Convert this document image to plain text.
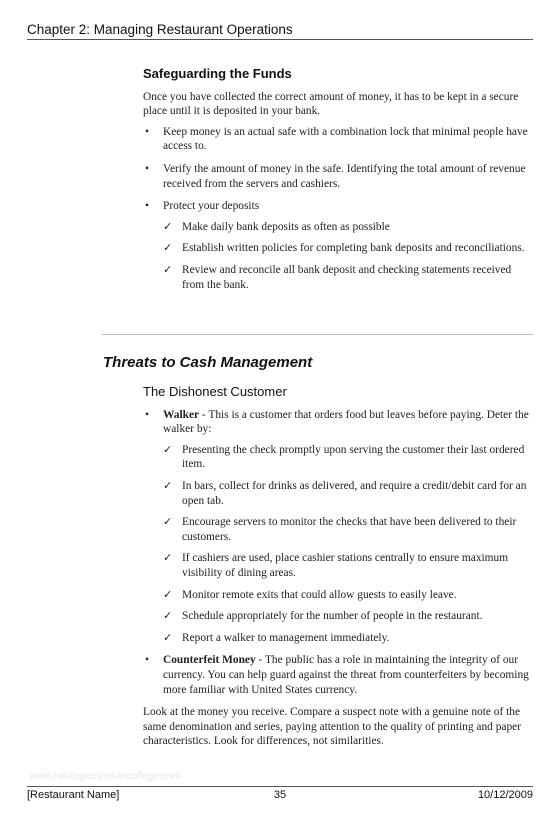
Chapter 2: Managing Restaurant Operations
Safeguarding the Funds

Once you have collected the correct amount of money, it has to be kept in a secure place until it is deposited in your bank.

• Keep money is an actual safe with a combination lock that minimal people have access to.
• Verify the amount of money in the safe. Identifying the total amount of revenue received from the servers and cashiers.
• Protect your deposits
✓ Make daily bank deposits as often as possible
✓ Establish written policies for completing bank deposits and reconciliations.
✓ Review and reconcile all bank deposit and checking statements received from the bank.
Threats to Cash Management
The Dishonest Customer
• Walker - This is a customer that orders food but leaves before paying. Deter the walker by:
✓ Presenting the check promptly upon serving the customer their last ordered item.
✓ In bars, collect for drinks as delivered, and require a credit/debit card for an open tab.
✓ Encourage servers to monitor the checks that have been delivered to their customers.
✓ If cashiers are used, place cashier stations centrally to ensure maximum visibility of dining areas.
✓ Monitor remote exits that could allow guests to easily leave.
✓ Schedule appropriately for the number of people in the restaurant.
✓ Report a walker to management immediately.
• Counterfeit Money - The public has a role in maintaining the integrity of our currency. You can help guard against the threat from counterfeiters by becoming more familiar with United States currency.

Look at the money you receive. Compare a suspect note with a genuine note of the same denomination and series, paying attention to the quality of printing and paper characteristics. Look for differences, not similarities.

www.heritagechristiancollege.com
[Restaurant Name]	35	10/12/2009
